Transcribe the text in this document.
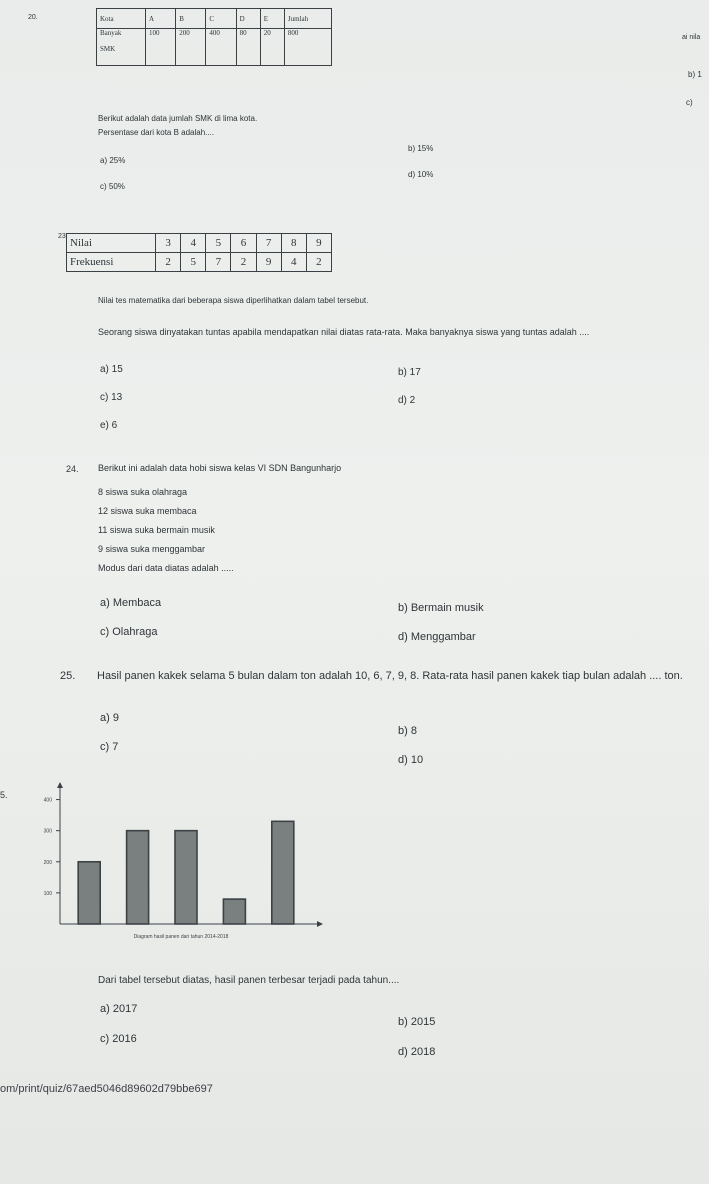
20.	Kota	A	B	C	D	E	Jumlah

Banyak
SMK	100	200	400	80	20	800
ai nila
b) 1
c)
Berikut adalah data jumlah SMK di lima kota.
Persentase dari kota B adalah....
a) 25%
b) 15%
c) 50%
d) 10%
23.
Nilai	3	4	5	6	7	8	9
Frekuensi	2	5	7	2	9	4	2
Nilai tes matematika dari beberapa siswa diperlihatkan dalam tabel tersebut.
Seorang siswa dinyatakan tuntas apabila mendapatkan nilai diatas rata-rata. Maka banyaknya siswa yang tuntas adalah ....
a) 15	b) 17
c) 13	d) 2
e) 6
24. Berikut ini adalah data hobi siswa kelas VI SDN Bangunharjo
8 siswa suka olahraga
12 siswa suka membaca
11 siswa suka bermain musik
9 siswa suka menggambar
Modus dari data diatas adalah .....
a) Membaca	b) Bermain musik
c) Olahraga	d) Menggambar
25. Hasil panen kakek selama 5 bulan dalam ton adalah 10, 6, 7, 9, 8. Rata-rata hasil panen kakek tiap bulan adalah .... ton.
a) 9
b) 8
c) 7
d) 10
5.
100
200
300
400
Diagram hasil panen dari tahun 2014-2018
Dari tabel tersebut diatas, hasil panen terbesar terjadi pada tahun....
a) 2017
b) 2015
c) 2016
d) 2018
om/print/quiz/67aed5046d89602d79bbe697
